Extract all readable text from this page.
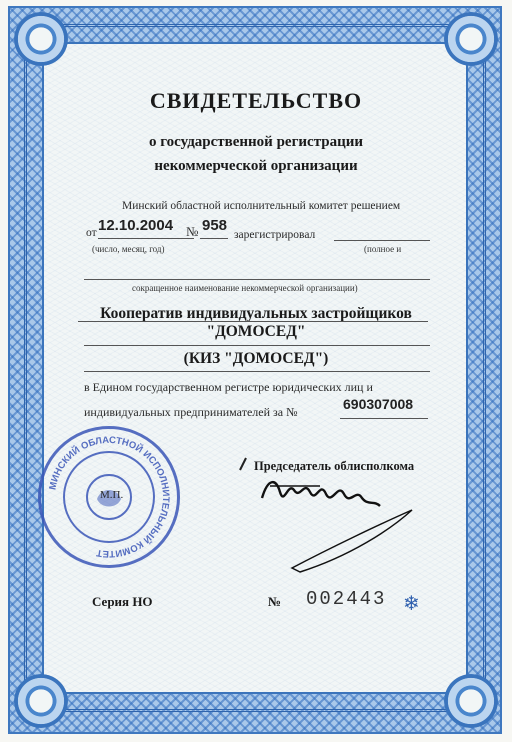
СВИДЕТЕЛЬСТВО
о государственной регистрации
некоммерческой организации
Минский областной исполнительный комитет решением
от 12.10.2004 № 958
зарегистрировал
(число, месяц, год)	(полное и
сокращенное наименование некоммерческой организации)
Кооператив индивидуальных застройщиков
"ДОМОСЕД"
(КИЗ "ДОМОСЕД")
в Едином государственном регистре юридических лиц и
индивидуальных предпринимателей за №	690307008
Председатель облисполкома
МИНСКИЙ ОБЛАСТНОЙ ИСПОЛНИТЕЛЬНЫЙ КОМИТЕТ
М.П.
Серия НО	№ 002443 ❄
